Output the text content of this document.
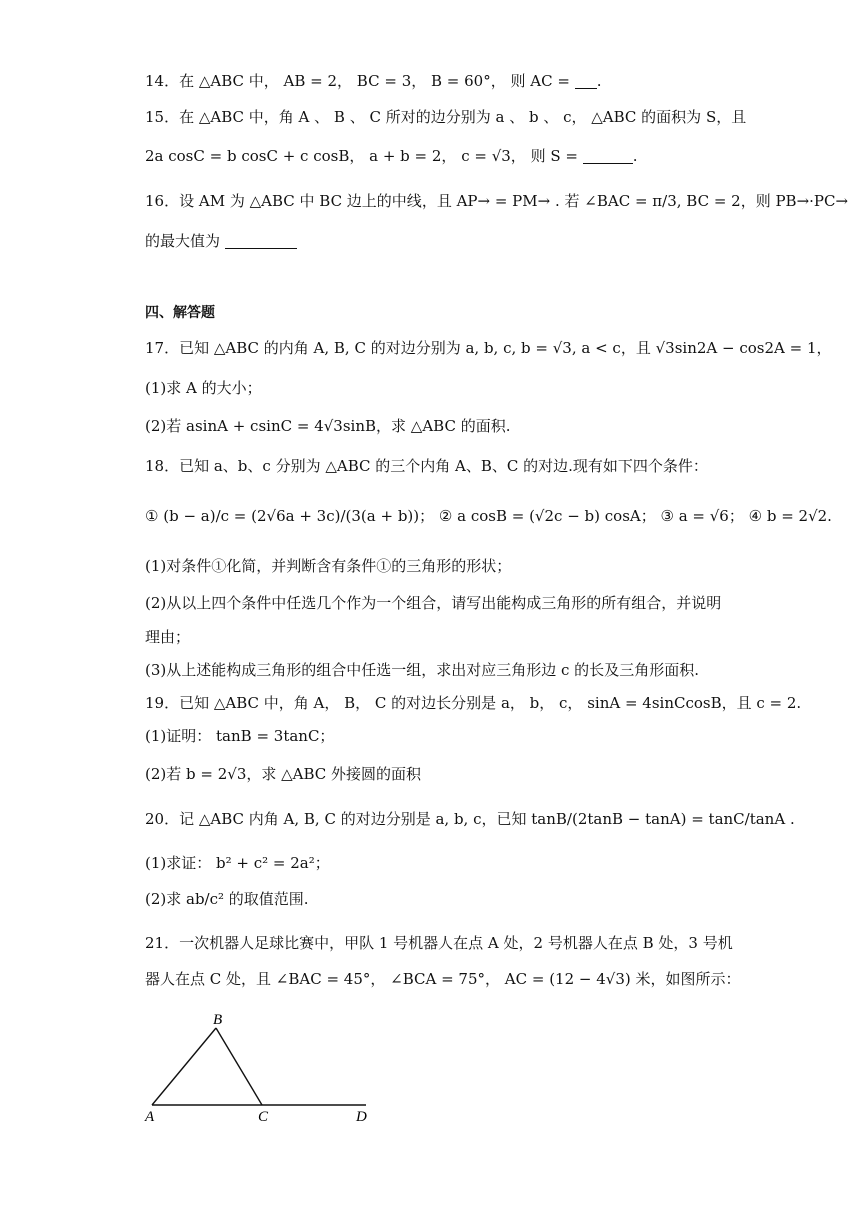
14．在 △ABC 中， AB = 2， BC = 3， B = 60°， 则 AC = .
15．在 △ABC 中，角 A 、 B 、 C 所对的边分别为 a 、 b 、 c， △ABC 的面积为 S，且
2a cosC = b cosC + c cosB， a + b = 2， c = √3， 则 S =	.
16．设 AM 为 △ABC 中 BC 边上的中线，且 AP→ = PM→ . 若 ∠BAC = π/3, BC = 2，则 PB→·PC→
的最大值为
四、解答题
17．已知 △ABC 的内角 A, B, C 的对边分别为 a, b, c, b = √3, a < c，且 √3sin2A − cos2A = 1，
(1)求 A 的大小；
(2)若 asinA + csinC = 4√3sinB，求 △ABC 的面积.
18．已知 a、b、c 分别为 △ABC 的三个内角 A、B、C 的对边.现有如下四个条件：
① (b − a)/c = (2√6a + 3c)/(3(a + b))； ② a cosB = (√2c − b) cosA； ③ a = √6； ④ b = 2√2.
(1)对条件①化简，并判断含有条件①的三角形的形状；
(2)从以上四个条件中任选几个作为一个组合，请写出能构成三角形的所有组合，并说明
理由；
(3)从上述能构成三角形的组合中任选一组，求出对应三角形边 c 的长及三角形面积.
19．已知 △ABC 中，角 A， B， C 的对边长分别是 a， b， c， sinA = 4sinCcosB，且 c = 2.
(1)证明： tanB = 3tanC；
(2)若 b = 2√3，求 △ABC 外接圆的面积
20．记 △ABC 内角 A, B, C 的对边分别是 a, b, c，已知 tanB/(2tanB − tanA) = tanC/tanA .
(1)求证： b² + c² = 2a²；
(2)求 ab/c² 的取值范围.
21．一次机器人足球比赛中，甲队 1 号机器人在点 A 处，2 号机器人在点 B 处，3 号机
器人在点 C 处，且 ∠BAC = 45°， ∠BCA = 75°， AC = (12 − 4√3) 米，如图所示：
B
A	C	D
